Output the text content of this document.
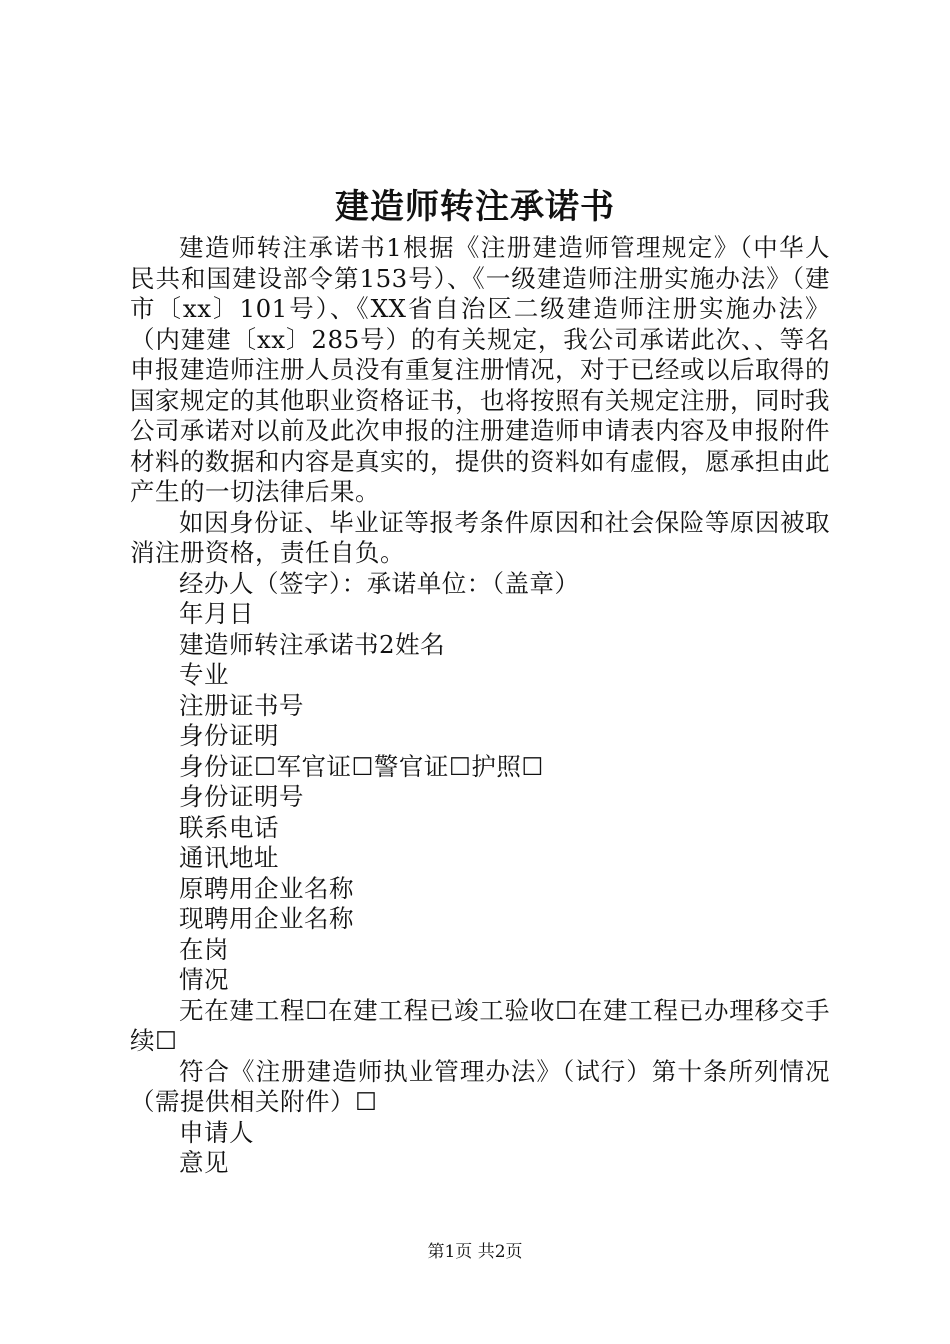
建造师转注承诺书

建造师转注承诺书1根据《注册建造师管理规定》（中华人民共和国建设部令第153号）、《一级建造师注册实施办法》（建市〔xx〕101号）、《XX省自治区二级建造师注册实施办法》（内建建〔xx〕285号）的有关规定，我公司承诺此次、、等名申报建造师注册人员没有重复注册情况，对于已经或以后取得的国家规定的其他职业资格证书，也将按照有关规定注册，同时我公司承诺对以前及此次申报的注册建造师申请表内容及申报附件材料的数据和内容是真实的，提供的资料如有虚假，愿承担由此产生的一切法律后果。

如因身份证、毕业证等报考条件原因和社会保险等原因被取消注册资格，责任自负。

经办人（签字）：承诺单位：（盖章）

年月日

建造师转注承诺书2姓名

专业

注册证书号

身份证明

身份证☐军官证☐警官证☐护照☐

身份证明号

联系电话

通讯地址

原聘用企业名称

现聘用企业名称

在岗

情况

无在建工程☐在建工程已竣工验收☐在建工程已办理移交手续☐

符合《注册建造师执业管理办法》（试行）第十条所列情况（需提供相关附件）☐

申请人

意见

第1页 共2页
